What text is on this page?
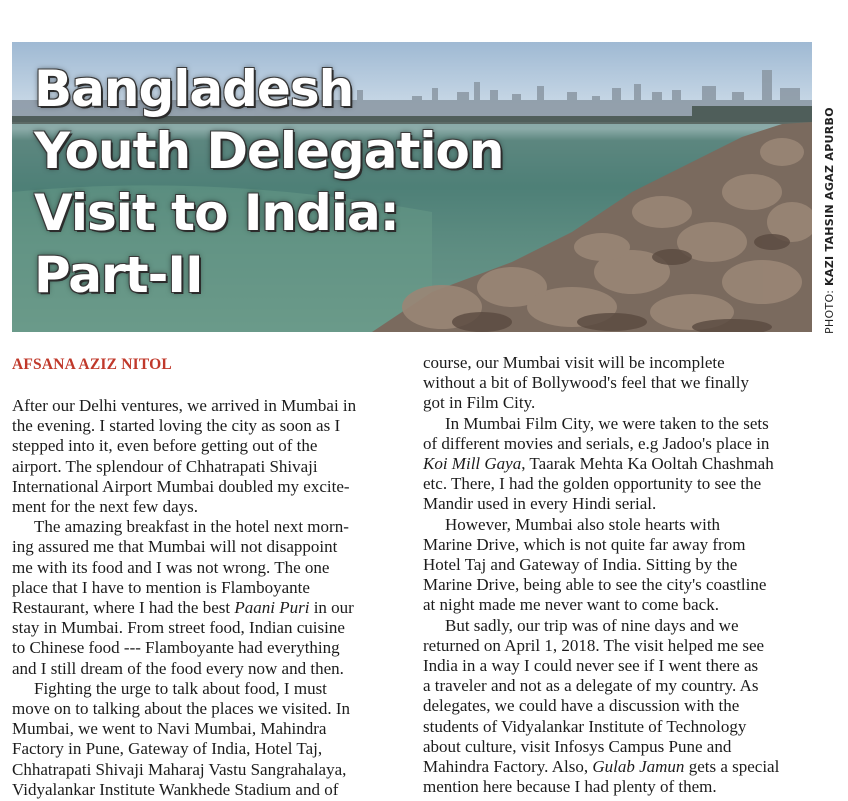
Bangladesh
Youth Delegation
Visit to India:
Part-II
PHOTO: KAZI TAHSIN AGAZ APURBO
AFSANA AZIZ NITOL

After our Delhi ventures, we arrived in Mumbai in
the evening. I started loving the city as soon as I
stepped into it, even before getting out of the
airport. The splendour of Chhatrapati Shivaji
International Airport Mumbai doubled my excite-
ment for the next few days.

The amazing breakfast in the hotel next morn-
ing assured me that Mumbai will not disappoint
me with its food and I was not wrong. The one
place that I have to mention is Flamboyante
Restaurant, where I had the best Paani Puri in our
stay in Mumbai. From street food, Indian cuisine
to Chinese food --- Flamboyante had everything
and I still dream of the food every now and then.

Fighting the urge to talk about food, I must
move on to talking about the places we visited. In
Mumbai, we went to Navi Mumbai, Mahindra
Factory in Pune, Gateway of India, Hotel Taj,
Chhatrapati Shivaji Maharaj Vastu Sangrahalaya,
Vidyalankar Institute Wankhede Stadium and of

course, our Mumbai visit will be incomplete
without a bit of Bollywood's feel that we finally
got in Film City.

In Mumbai Film City, we were taken to the sets
of different movies and serials, e.g Jadoo's place in
Koi Mill Gaya, Taarak Mehta Ka Ooltah Chashmah
etc. There, I had the golden opportunity to see the
Mandir used in every Hindi serial.

However, Mumbai also stole hearts with
Marine Drive, which is not quite far away from
Hotel Taj and Gateway of India. Sitting by the
Marine Drive, being able to see the city's coastline
at night made me never want to come back.

But sadly, our trip was of nine days and we
returned on April 1, 2018. The visit helped me see
India in a way I could never see if I went there as
a traveler and not as a delegate of my country. As
delegates, we could have a discussion with the
students of Vidyalankar Institute of Technology
about culture, visit Infosys Campus Pune and
Mahindra Factory. Also, Gulab Jamun gets a special
mention here because I had plenty of them.
